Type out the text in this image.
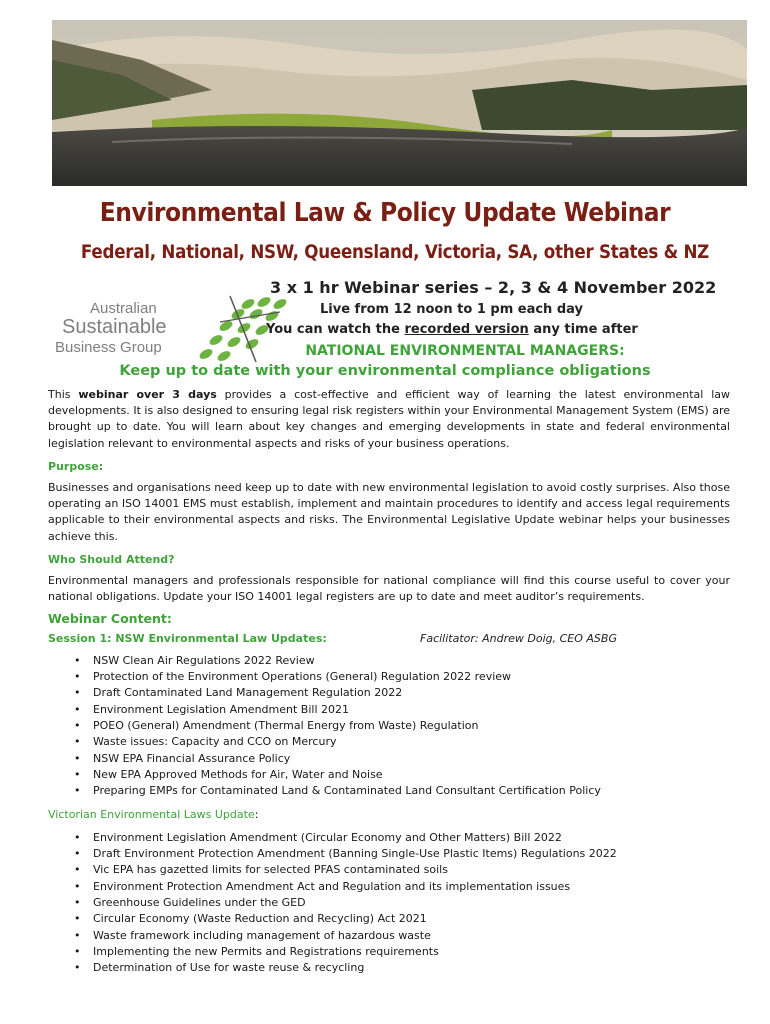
Environmental Law & Policy Update Webinar
Federal, National, NSW, Queensland, Victoria, SA, other States & NZ
3 x 1 hr Webinar series – 2, 3 & 4 November 2022
Australian
Sustainable
Business Group
Live from 12 noon to 1 pm each day
You can watch the recorded version any time after
NATIONAL ENVIRONMENTAL MANAGERS:
Keep up to date with your environmental compliance obligations

This webinar over 3 days provides a cost-effective and efficient way of learning the latest environmental law developments. It is also designed to ensuring legal risk registers within your Environmental Management System (EMS) are brought up to date. You will learn about key changes and emerging developments in state and federal environmental legislation relevant to environmental aspects and risks of your business operations.

Purpose:

Businesses and organisations need keep up to date with new environmental legislation to avoid costly surprises. Also those operating an ISO 14001 EMS must establish, implement and maintain procedures to identify and access legal requirements applicable to their environmental aspects and risks. The Environmental Legislative Update webinar helps your businesses achieve this.

Who Should Attend?

Environmental managers and professionals responsible for national compliance will find this course useful to cover your national obligations. Update your ISO 14001 legal registers are up to date and meet auditor’s requirements.

Webinar Content:
Session 1: NSW Environmental Law Updates:	Facilitator: Andrew Doig, CEO ASBG
• NSW Clean Air Regulations 2022 Review
• Protection of the Environment Operations (General) Regulation 2022 review
• Draft Contaminated Land Management Regulation 2022
• Environment Legislation Amendment Bill 2021
• POEO (General) Amendment (Thermal Energy from Waste) Regulation
• Waste issues: Capacity and CCO on Mercury
• NSW EPA Financial Assurance Policy
• New EPA Approved Methods for Air, Water and Noise
• Preparing EMPs for Contaminated Land & Contaminated Land Consultant Certification Policy
Victorian Environmental Laws Update:
• Environment Legislation Amendment (Circular Economy and Other Matters) Bill 2022
• Draft Environment Protection Amendment (Banning Single-Use Plastic Items) Regulations 2022
• Vic EPA has gazetted limits for selected PFAS contaminated soils
• Environment Protection Amendment Act and Regulation and its implementation issues
• Greenhouse Guidelines under the GED
• Circular Economy (Waste Reduction and Recycling) Act 2021
• Waste framework including management of hazardous waste
• Implementing the new Permits and Registrations requirements
• Determination of Use for waste reuse & recycling
